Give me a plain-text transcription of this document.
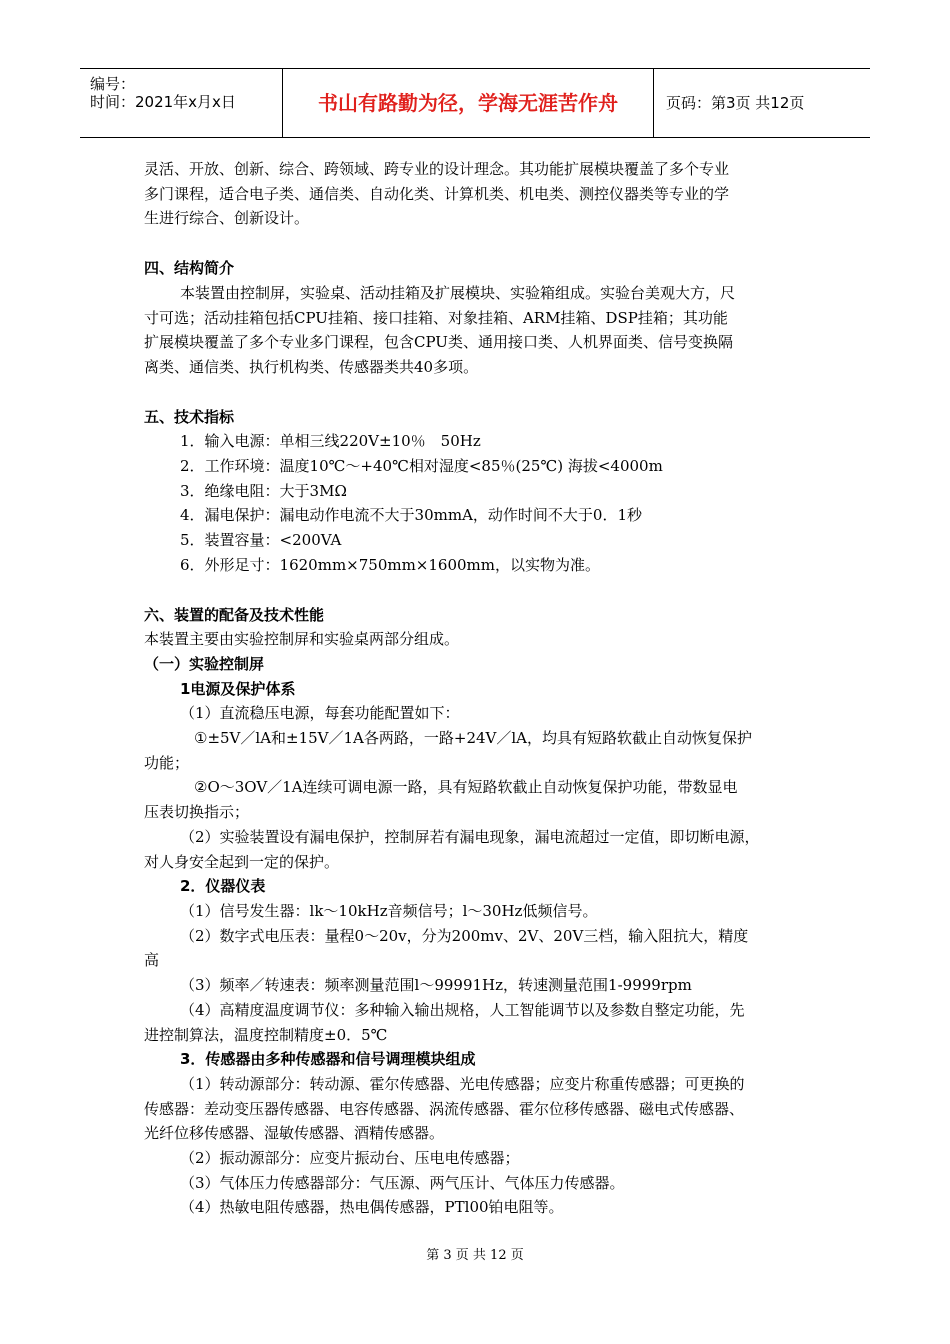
编号：
时间：2021年x月x日	书山有路勤为径，学海无涯苦作舟	页码：第3页 共12页

灵活、开放、创新、综合、跨领域、跨专业的设计理念。其功能扩展模块覆盖了多个专业

多门课程，适合电子类、通信类、自动化类、计算机类、机电类、测控仪器类等专业的学

生进行综合、创新设计。

四、结构简介

本装置由控制屏，实验桌、活动挂箱及扩展模块、实验箱组成。实验台美观大方，尺

寸可选；活动挂箱包括CPU挂箱、接口挂箱、对象挂箱、ARM挂箱、DSP挂箱；其功能

扩展模块覆盖了多个专业多门课程，包含CPU类、通用接口类、人机界面类、信号变换隔

离类、通信类、执行机构类、传感器类共40多项。

五、技术指标

1．输入电源：单相三线220V±10％　50Hz

2．工作环境：温度10℃～+40℃相对湿度<85％(25℃) 海拔<4000m

3．绝缘电阻：大于3MΩ

4．漏电保护：漏电动作电流不大于30mmA，动作时间不大于0．1秒

5．装置容量：<200VA

6．外形足寸：1620mm×750mm×1600mm，以实物为准。

六、装置的配备及技术性能

本装置主要由实验控制屏和实验桌两部分组成。

（一）实验控制屏

1电源及保护体系

（1）直流稳压电源，每套功能配置如下：

①±5V／lA和±15V／1A各两路，一路+24V／lA，均具有短路软截止自动恢复保护

功能；

②O～3OV／1A连续可调电源一路，具有短路软截止自动恢复保护功能，带数显电

压表切换指示；

（2）实验装置设有漏电保护，控制屏若有漏电现象，漏电流超过一定值，即切断电源，

对人身安全起到一定的保护。

2．仪器仪表

（1）信号发生器：lk～10kHz音频信号；l～30Hz低频信号。

（2）数字式电压表：量程0～20v，分为200mv、2V、20V三档，输入阻抗大，精度

高

（3）频率／转速表：频率测量范围l～99991Hz，转速测量范围1-9999rpm

（4）高精度温度调节仪：多种输入输出规格，人工智能调节以及参数自整定功能，先

进控制算法，温度控制精度±0．5℃

3．传感器由多种传感器和信号调理模块组成

（1）转动源部分：转动源、霍尔传感器、光电传感器；应变片称重传感器；可更换的

传感器：差动变压器传感器、电容传感器、涡流传感器、霍尔位移传感器、磁电式传感器、

光纤位移传感器、湿敏传感器、酒精传感器。

（2）振动源部分：应变片振动台、压电电传感器；

（3）气体压力传感器部分：气压源、两气压计、气体压力传感器。

（4）热敏电阻传感器，热电偶传感器，PTl00铂电阻等。

第 3 页 共 12 页
